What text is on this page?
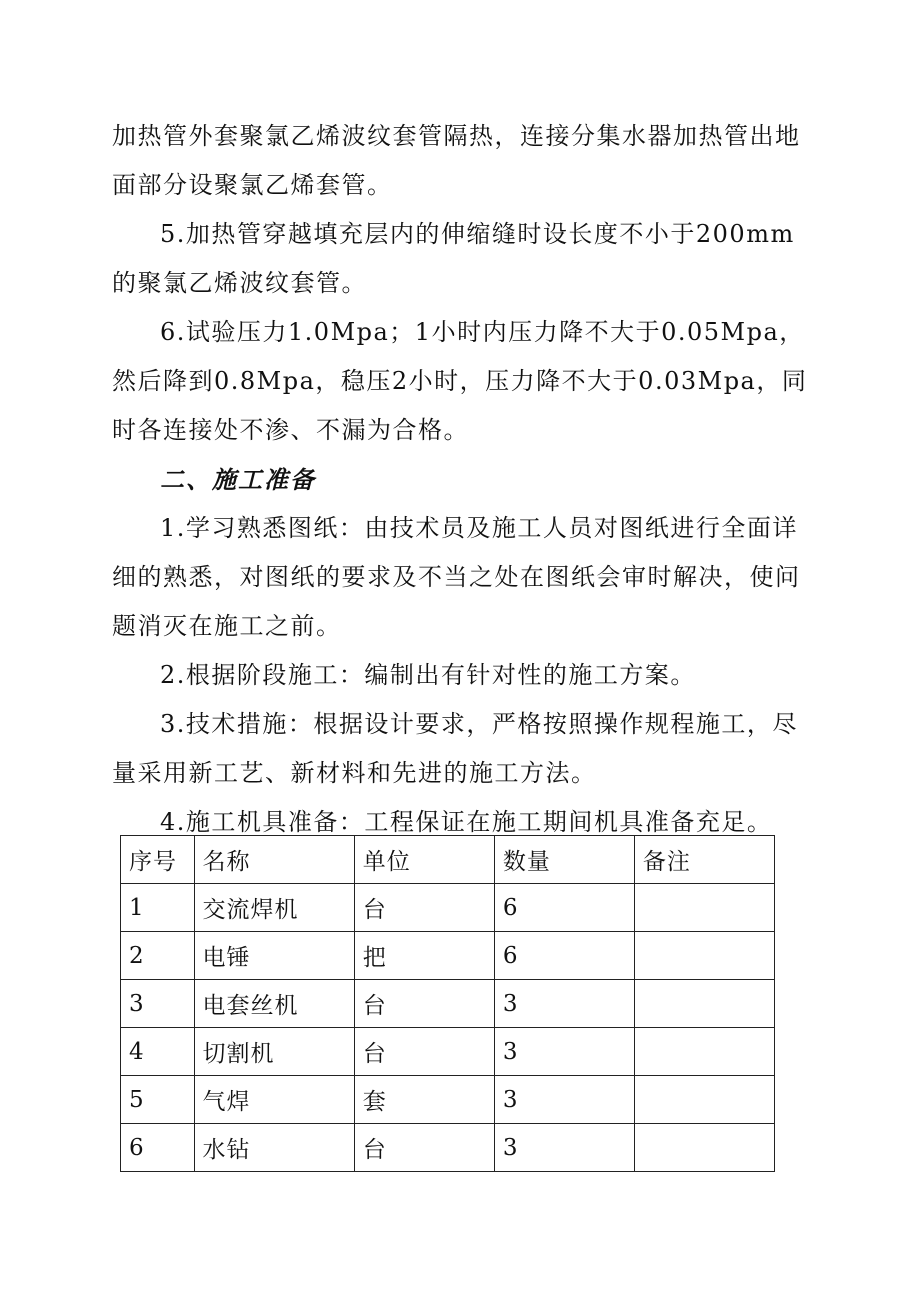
加热管外套聚氯乙烯波纹套管隔热，连接分集水器加热管出地面部分设聚氯乙烯套管。

5.加热管穿越填充层内的伸缩缝时设长度不小于200mm的聚氯乙烯波纹套管。

6.试验压力1.0Mpa；1小时内压力降不大于0.05Mpa，然后降到0.8Mpa，稳压2小时，压力降不大于0.03Mpa，同时各连接处不渗、不漏为合格。

二、施工准备

1.学习熟悉图纸：由技术员及施工人员对图纸进行全面详细的熟悉，对图纸的要求及不当之处在图纸会审时解决，使问题消灭在施工之前。

2.根据阶段施工：编制出有针对性的施工方案。

3.技术措施：根据设计要求，严格按照操作规程施工，尽量采用新工艺、新材料和先进的施工方法。

4.施工机具准备：工程保证在施工期间机具准备充足。

序号	名称	单位	数量	备注
1	交流焊机	台	6	
2	电锤	把	6	
3	电套丝机	台	3	
4	切割机	台	3	
5	气焊	套	3	
6	水钻	台	3	
